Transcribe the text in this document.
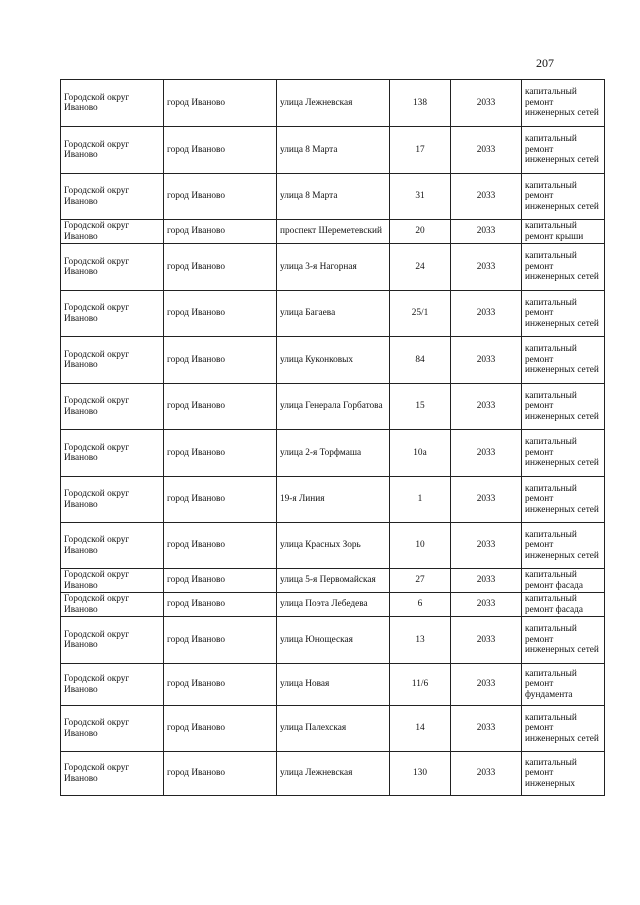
207
Городской округ Иваново	город Иваново	улица Лежневская	138	2033	капитальный ремонт инженерных сетей
Городской округ Иваново	город Иваново	улица 8 Марта	17	2033	капитальный ремонт инженерных сетей
Городской округ Иваново	город Иваново	улица 8 Марта	31	2033	капитальный ремонт инженерных сетей
Городской округ Иваново	город Иваново	проспект Шереметевский	20	2033	капитальный ремонт крыши
Городской округ Иваново	город Иваново	улица 3-я Нагорная	24	2033	капитальный ремонт инженерных сетей
Городской округ Иваново	город Иваново	улица Багаева	25/1	2033	капитальный ремонт инженерных сетей
Городской округ Иваново	город Иваново	улица Куконковых	84	2033	капитальный ремонт инженерных сетей
Городской округ Иваново	город Иваново	улица Генерала Горбатова	15	2033	капитальный ремонт инженерных сетей
Городской округ Иваново	город Иваново	улица 2-я Торфмаша	10а	2033	капитальный ремонт инженерных сетей
Городской округ Иваново	город Иваново	19-я Линия	1	2033	капитальный ремонт инженерных сетей
Городской округ Иваново	город Иваново	улица Красных Зорь	10	2033	капитальный ремонт инженерных сетей
Городской округ Иваново	город Иваново	улица 5-я Первомайская	27	2033	капитальный ремонт фасада
Городской округ Иваново	город Иваново	улица Поэта Лебедева	6	2033	капитальный ремонт фасада
Городской округ Иваново	город Иваново	улица Юнощеская	13	2033	капитальный ремонт инженерных сетей
Городской округ Иваново	город Иваново	улица Новая	11/6	2033	капитальный ремонт фундамента
Городской округ Иваново	город Иваново	улица Палехская	14	2033	капитальный ремонт инженерных сетей
Городской округ Иваново	город Иваново	улица Лежневская	130	2033	капитальный ремонт инженерных
